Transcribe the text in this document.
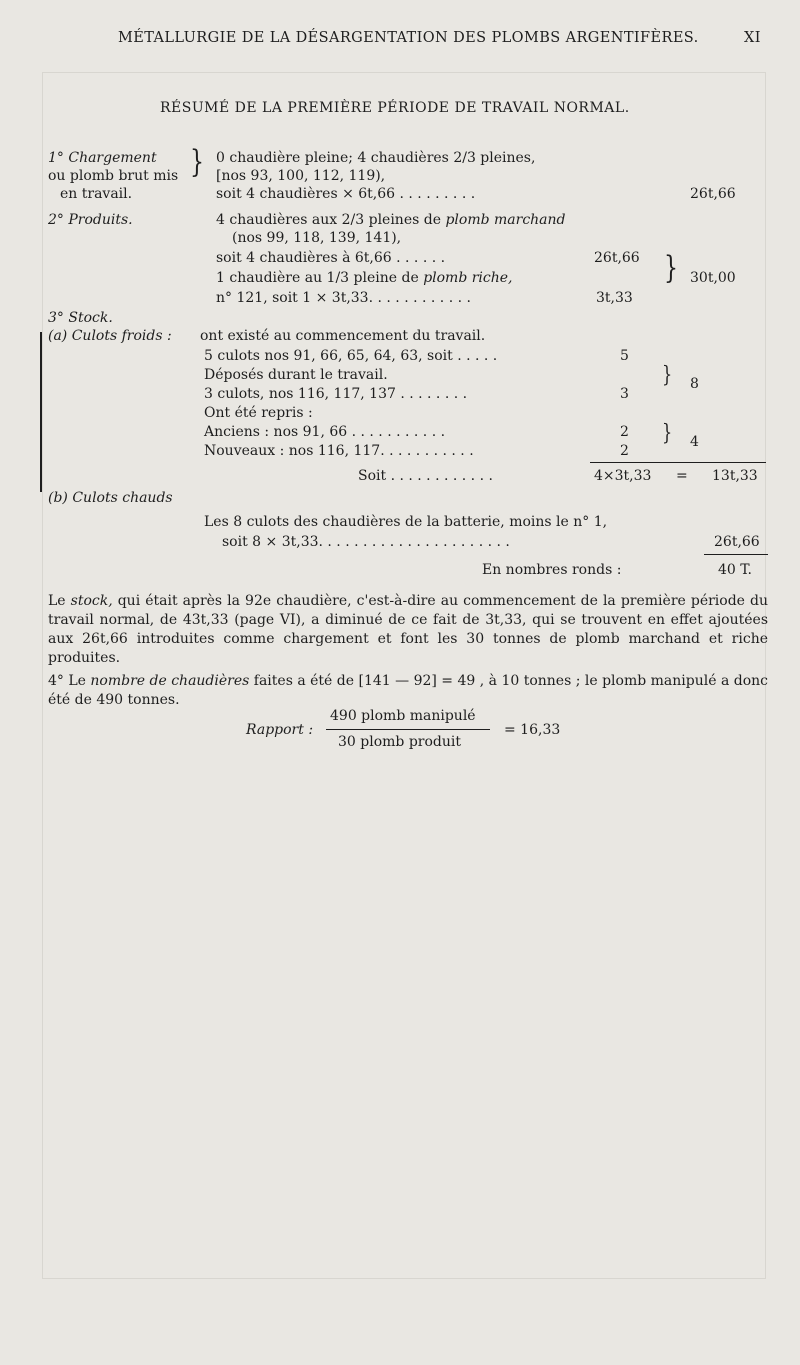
MÉTALLURGIE DE LA DÉSARGENTATION DES PLOMBS ARGENTIFÈRES.	XI
RÉSUMÉ DE LA PREMIÈRE PÉRIODE DE TRAVAIL NORMAL.
1° Chargement
ou plomb brut mis
en travail.
} 0 chaudière pleine; 4 chaudières 2/3 pleines,
[nos 93, 100, 112, 119),
soit 4 chaudières × 6t,66 . . . . . . . . .	26t,66
2° Produits.	4 chaudières aux 2/3 pleines de plomb marchand
(nos 99, 118, 139, 141),
soit 4 chaudières à 6t,66 . . . . . .	26t,66
1 chaudière au 1/3 pleine de plomb riche,
n° 121, soit 1 × 3t,33. . . . . . . . . . . .	3t,33
} 30t,00
3° Stock.
(a) Culots froids : ont existé au commencement du travail.
5 culots nos 91, 66, 65, 64, 63, soit . . . . .	5
Déposés durant le travail.
3 culots, nos 116, 117, 137 . . . . . . . .	3
} 8
Ont été repris :
Anciens : nos 91, 66 . . . . . . . . . . .	2
Nouveaux : nos 116, 117. . . . . . . . . . .	2
} 4
Soit . . . . . . . . . . . .	4×3t,33 = 13t,33
(b) Culots chauds
Les 8 culots des chaudières de la batterie, moins le n° 1,
soit 8 × 3t,33. . . . . . . . . . . . . . . . . . . . . .	26t,66
En nombres ronds :	40 T.
Le stock, qui était après la 92e chaudière, c'est-à-dire au commencement de la première période du travail normal, de 43t,33 (page VI), a diminué de ce fait de 3t,33, qui se trouvent en effet ajoutées aux 26t,66 introduites comme chargement et font les 30 tonnes de plomb marchand et riche produites.
4° Le nombre de chaudières faites a été de [141 — 92] = 49 , à 10 tonnes ; le plomb manipulé a donc été de 490 tonnes.
Rapport :
490 plomb manipulé
30 plomb produit
= 16,33
